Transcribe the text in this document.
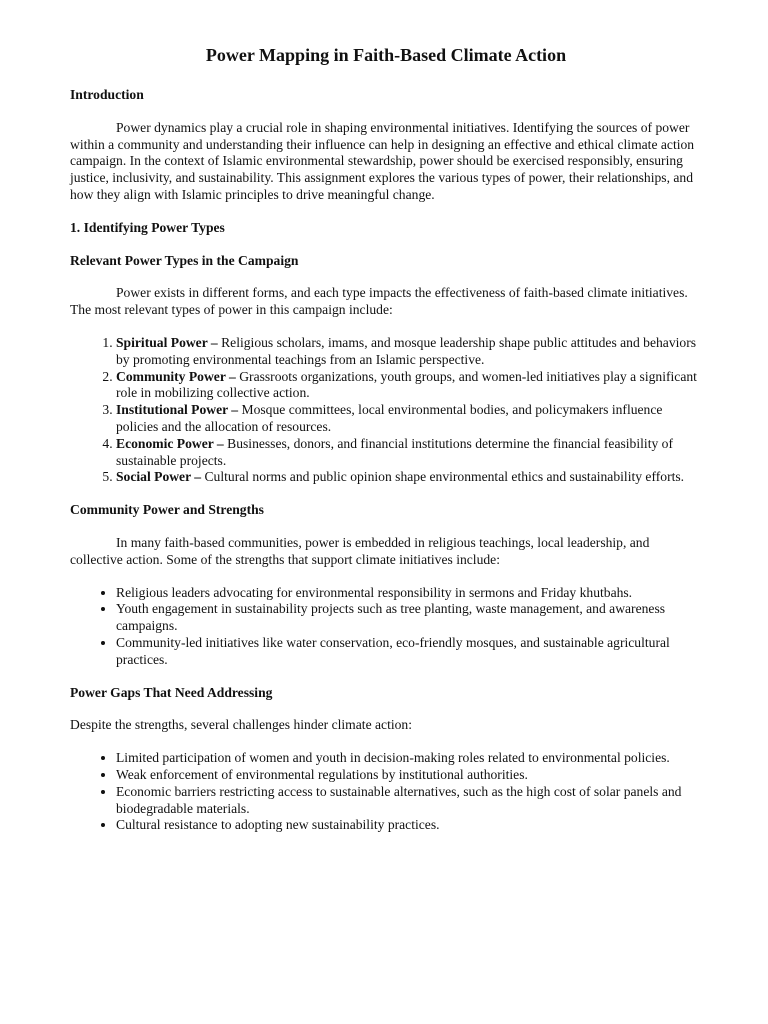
Power Mapping in Faith-Based Climate Action
Introduction
Power dynamics play a crucial role in shaping environmental initiatives. Identifying the sources of power within a community and understanding their influence can help in designing an effective and ethical climate action campaign. In the context of Islamic environmental stewardship, power should be exercised responsibly, ensuring justice, inclusivity, and sustainability. This assignment explores the various types of power, their relationships, and how they align with Islamic principles to drive meaningful change.
1. Identifying Power Types
Relevant Power Types in the Campaign
Power exists in different forms, and each type impacts the effectiveness of faith-based climate initiatives. The most relevant types of power in this campaign include:
1. Spiritual Power – Religious scholars, imams, and mosque leadership shape public attitudes and behaviors by promoting environmental teachings from an Islamic perspective.
2. Community Power – Grassroots organizations, youth groups, and women-led initiatives play a significant role in mobilizing collective action.
3. Institutional Power – Mosque committees, local environmental bodies, and policymakers influence policies and the allocation of resources.
4. Economic Power – Businesses, donors, and financial institutions determine the financial feasibility of sustainable projects.
5. Social Power – Cultural norms and public opinion shape environmental ethics and sustainability efforts.
Community Power and Strengths
In many faith-based communities, power is embedded in religious teachings, local leadership, and collective action. Some of the strengths that support climate initiatives include:
• Religious leaders advocating for environmental responsibility in sermons and Friday khutbahs.
• Youth engagement in sustainability projects such as tree planting, waste management, and awareness campaigns.
• Community-led initiatives like water conservation, eco-friendly mosques, and sustainable agricultural practices.
Power Gaps That Need Addressing
Despite the strengths, several challenges hinder climate action:
• Limited participation of women and youth in decision-making roles related to environmental policies.
• Weak enforcement of environmental regulations by institutional authorities.
• Economic barriers restricting access to sustainable alternatives, such as the high cost of solar panels and biodegradable materials.
• Cultural resistance to adopting new sustainability practices.
